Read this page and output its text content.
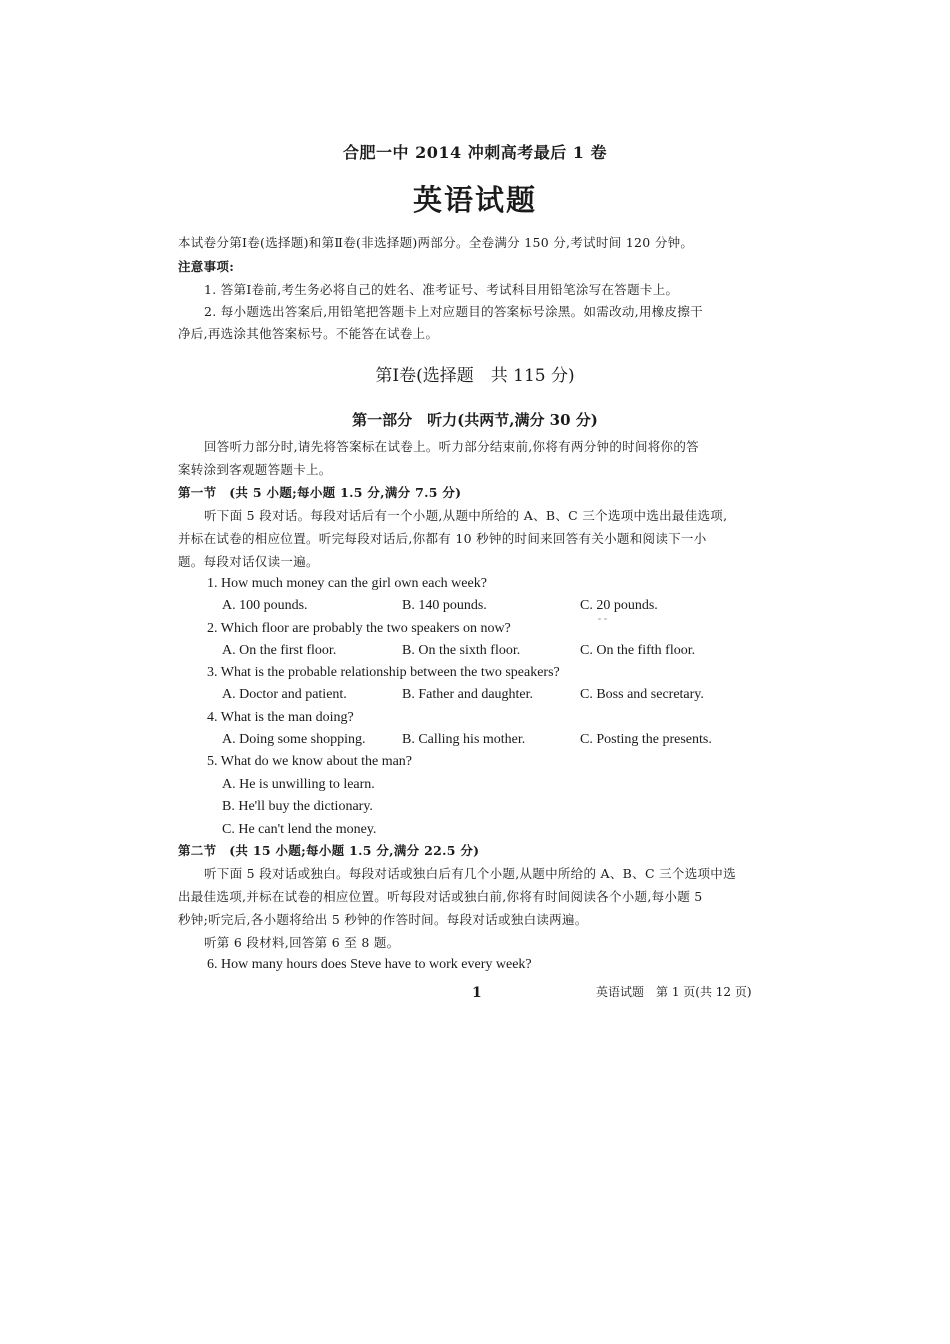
合肥一中 2014 冲刺高考最后 1 卷
英语试题
本试卷分第Ⅰ卷(选择题)和第Ⅱ卷(非选择题)两部分。全卷满分 150 分,考试时间 120 分钟。
注意事项:
1. 答第Ⅰ卷前,考生务必将自己的姓名、准考证号、考试科目用铅笔涂写在答题卡上。
2. 每小题选出答案后,用铅笔把答题卡上对应题目的答案标号涂黑。如需改动,用橡皮擦干
净后,再选涂其他答案标号。不能答在试卷上。
第Ⅰ卷(选择题　共 115 分)
第一部分　听力(共两节,满分 30 分)
回答听力部分时,请先将答案标在试卷上。听力部分结束前,你将有两分钟的时间将你的答
案转涂到客观题答题卡上。
第一节　(共 5 小题;每小题 1.5 分,满分 7.5 分)
听下面 5 段对话。每段对话后有一个小题,从题中所给的 A、B、C 三个选项中选出最佳选项,
并标在试卷的相应位置。听完每段对话后,你都有 10 秒钟的时间来回答有关小题和阅读下一小
题。每段对话仅读一遍。
1. How much money can the girl own each week?
A. 100 pounds.	B. 140 pounds.	C. 20 pounds.
2. Which floor are probably the two speakers on now?
A. On the first floor.	B. On the sixth floor.	C. On the fifth floor.
3. What is the probable relationship between the two speakers?
A. Doctor and patient.	B. Father and daughter.	C. Boss and secretary.
4. What is the man doing?
A. Doing some shopping.	B. Calling his mother.	C. Posting the presents.
5. What do we know about the man?
A. He is unwilling to learn.
B. He'll buy the dictionary.
C. He can't lend the money.
第二节　(共 15 小题;每小题 1.5 分,满分 22.5 分)
听下面 5 段对话或独白。每段对话或独白后有几个小题,从题中所给的 A、B、C 三个选项中选
出最佳选项,并标在试卷的相应位置。听每段对话或独白前,你将有时间阅读各个小题,每小题 5
秒钟;听完后,各小题将给出 5 秒钟的作答时间。每段对话或独白读两遍。
听第 6 段材料,回答第 6 至 8 题。
6. How many hours does Steve have to work every week?
1	英语试题　第 1 页(共 12 页)
